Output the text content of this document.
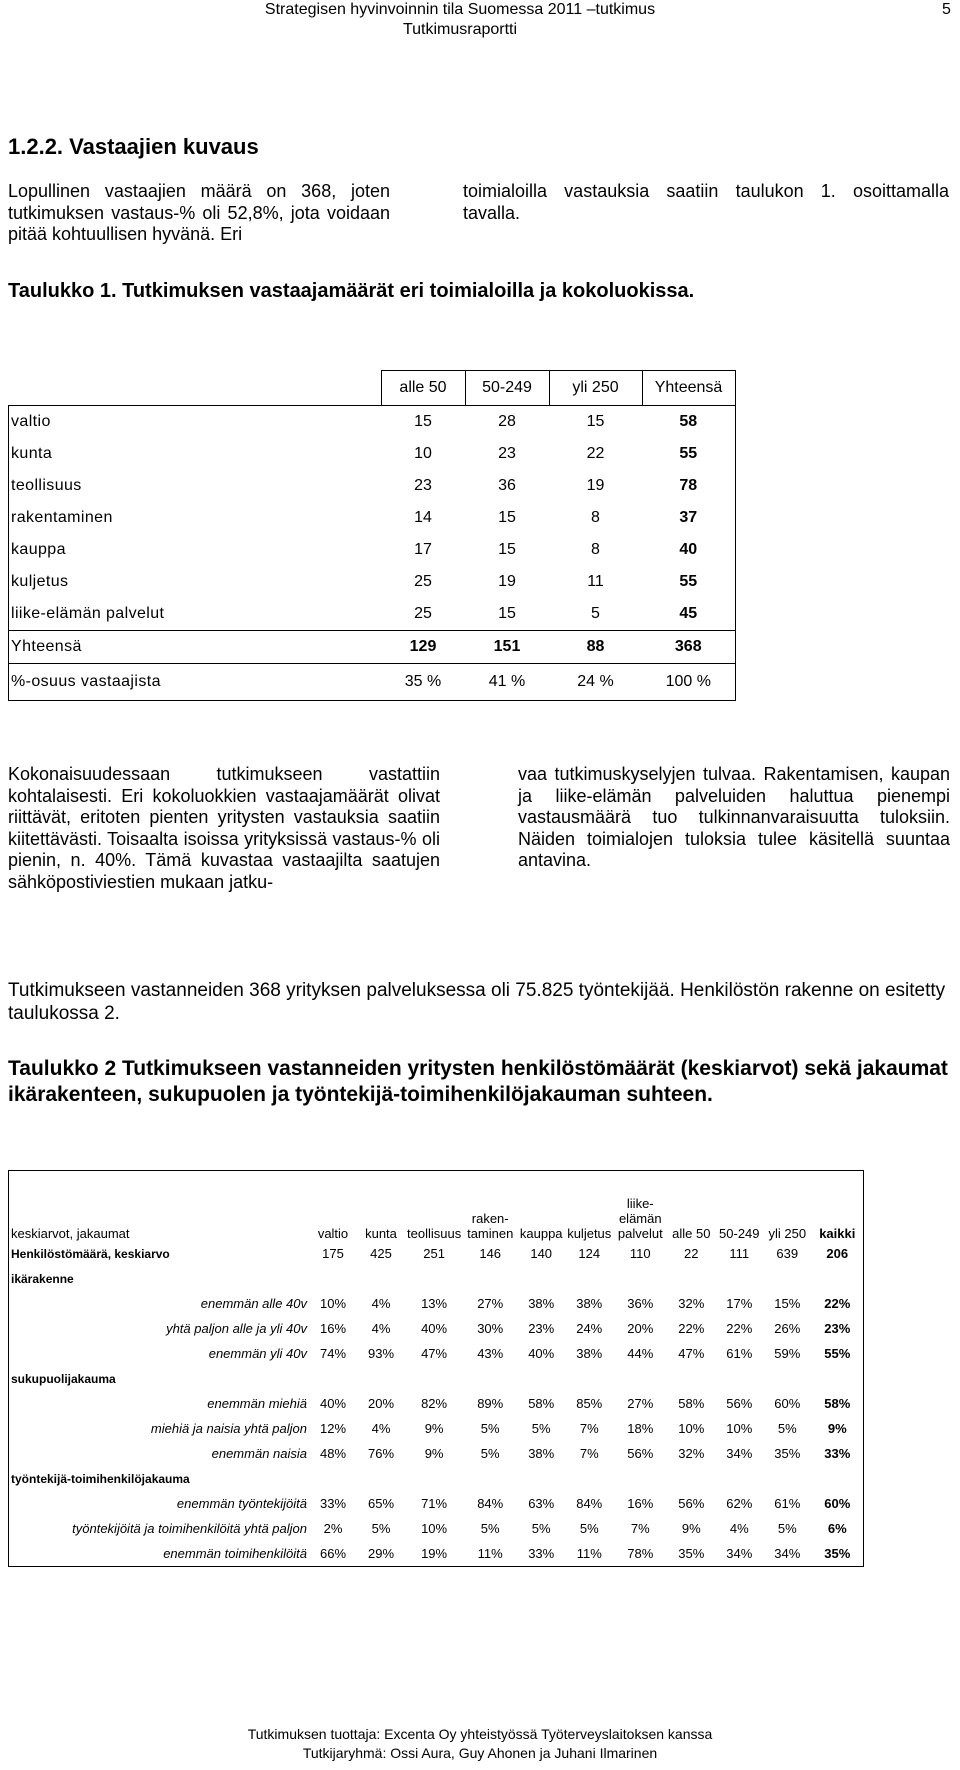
Strategisen hyvinvoinnin tila Suomessa 2011 –tutkimus
Tutkimusraportti
5
1.2.2. Vastaajien kuvaus

Lopullinen vastaajien määrä on 368, joten tutkimuksen vastaus-% oli 52,8%, jota voidaan pitää kohtuullisen hyvänä. Eri

toimialoilla vastauksia saatiin taulukon 1. osoittamalla tavalla.

Taulukko 1. Tutkimuksen vastaajamäärät eri toimialoilla ja kokoluokissa.
	alle 50	50-249	yli 250	Yhteensä
valtio	15	28	15	58
kunta	10	23	22	55
teollisuus	23	36	19	78
rakentaminen	14	15	8	37
kauppa	17	15	8	40
kuljetus	25	19	11	55
liike-elämän palvelut	25	15	5	45
Yhteensä	129	151	88	368
%-osuus vastaajista	35 %	41 %	24 %	100 %

Kokonaisuudessaan tutkimukseen vastattiin kohtalaisesti. Eri kokoluokkien vastaajamäärät olivat riittävät, eritoten pienten yritysten vastauksia saatiin kiitettävästi. Toisaalta isoissa yrityksissä vastaus-% oli pienin, n. 40%. Tämä kuvastaa vastaajilta saatujen sähköpostiviestien mukaan jatku-

vaa tutkimuskyselyjen tulvaa. Rakentamisen, kaupan ja liike-elämän palveluiden haluttua pienempi vastausmäärä tuo tulkinnanvaraisuutta tuloksiin. Näiden toimialojen tuloksia tulee käsitellä suuntaa antavina.

Tutkimukseen vastanneiden 368 yrityksen palveluksessa oli 75.825 työntekijää. Henkilöstön rakenne on esitetty taulukossa 2.

Taulukko 2 Tutkimukseen vastanneiden yritysten henkilöstömäärät (keskiarvot) sekä jakaumat ikärakenteen, sukupuolen ja työntekijä-toimihenkilöjakauman suhteen.
keskiarvot, jakaumat	valtio	kunta	teollisuus	raken-taminen	kauppa	kuljetus	liike-elämän palvelut	alle 50	50-249	yli 250	kaikki
Henkilöstömäärä, keskiarvo	175	425	251	146	140	124	110	22	111	639	206
ikärakenne											
enemmän alle 40v	10%	4%	13%	27%	38%	38%	36%	32%	17%	15%	22%
yhtä paljon alle ja yli 40v	16%	4%	40%	30%	23%	24%	20%	22%	22%	26%	23%
enemmän yli 40v	74%	93%	47%	43%	40%	38%	44%	47%	61%	59%	55%
sukupuolijakauma											
enemmän miehiä	40%	20%	82%	89%	58%	85%	27%	58%	56%	60%	58%
miehiä ja naisia yhtä paljon	12%	4%	9%	5%	5%	7%	18%	10%	10%	5%	9%
enemmän naisia	48%	76%	9%	5%	38%	7%	56%	32%	34%	35%	33%
työntekijä-toimihenkilöjakauma											
enemmän työntekijöitä	33%	65%	71%	84%	63%	84%	16%	56%	62%	61%	60%
työntekijöitä ja toimihenkilöitä yhtä paljon	2%	5%	10%	5%	5%	5%	7%	9%	4%	5%	6%
enemmän toimihenkilöitä	66%	29%	19%	11%	33%	11%	78%	35%	34%	34%	35%
Tutkimuksen tuottaja: Excenta Oy yhteistyössä Työterveyslaitoksen kanssa
Tutkijaryhmä: Ossi Aura, Guy Ahonen ja Juhani Ilmarinen
